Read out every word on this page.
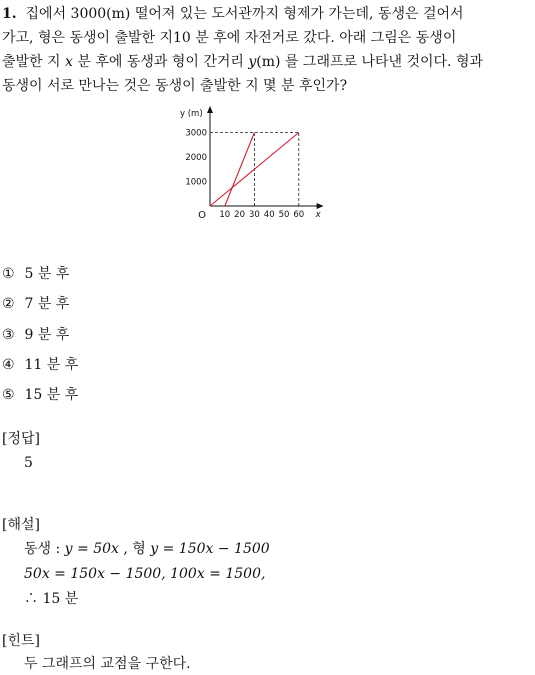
1. 집에서 3000(m) 떨어져 있는 도서관까지 형제가 가는데, 동생은 걸어서
가고, 형은 동생이 출발한 지10 분 후에 자전거로 갔다. 아래 그림은 동생이
출발한 지 x 분 후에 동생과 형이 간거리 y(m) 를 그래프로 나타낸 것이다. 형과
동생이 서로 만나는 것은 동생이 출발한 지 몇 분 후인가?
10 20 30 40 50 60
1000
2000
3000
O
y (m)
x
① 5 분 후
② 7 분 후
③ 9 분 후
④ 11 분 후
⑤ 15 분 후
[정답]
5
[해설]
동생 : y = 50x , 형 y = 150x − 1500
50x = 150x − 1500, 100x = 1500,
∴ 15 분
[힌트]
두 그래프의 교점을 구한다.
